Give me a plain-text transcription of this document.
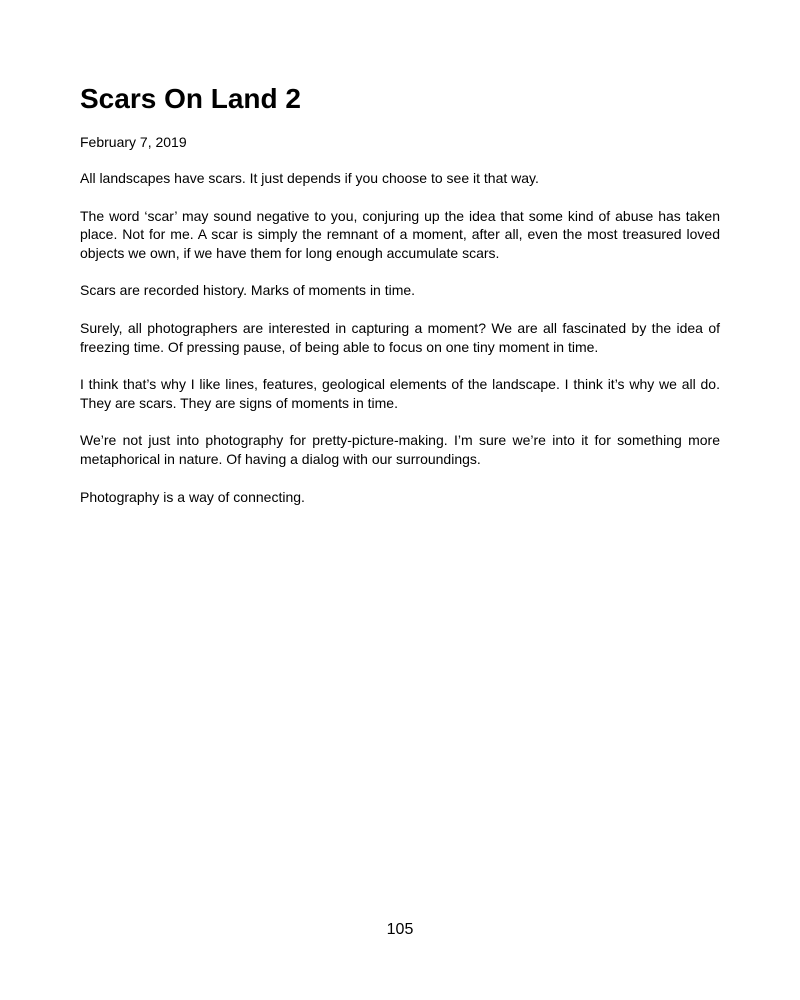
Scars On Land 2

February 7, 2019

All landscapes have scars. It just depends if you choose to see it that way.

The word ‘scar’ may sound negative to you, conjuring up the idea that some kind of abuse has taken place. Not for me. A scar is simply the remnant of a moment, after all, even the most treasured loved objects we own, if we have them for long enough accumulate scars.

Scars are recorded history. Marks of moments in time.

Surely, all photographers are interested in capturing a moment? We are all fascinated by the idea of freezing time. Of pressing pause, of being able to focus on one tiny moment in time.

I think that’s why I like lines, features, geological elements of the landscape. I think it’s why we all do. They are scars. They are signs of moments in time.

We’re not just into photography for pretty-picture-making. I’m sure we’re into it for something more metaphorical in nature. Of having a dialog with our surroundings.

Photography is a way of connecting.

105
